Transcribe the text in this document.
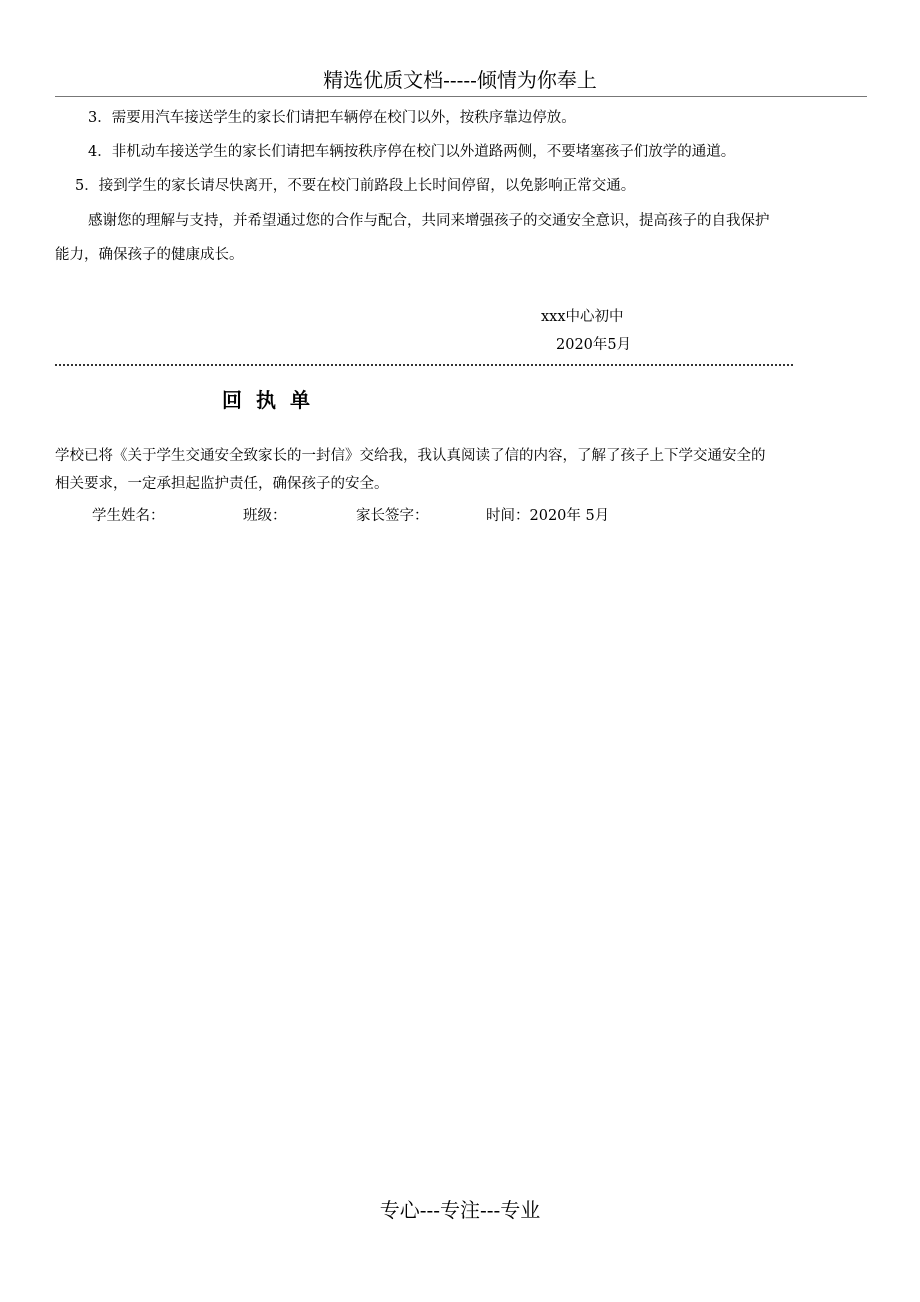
精选优质文档-----倾情为你奉上
3．需要用汽车接送学生的家长们请把车辆停在校门以外，按秩序靠边停放。
4．非机动车接送学生的家长们请把车辆按秩序停在校门以外道路两侧，不要堵塞孩子们放学的通道。
5．接到学生的家长请尽快离开，不要在校门前路段上长时间停留，以免影响正常交通。
感谢您的理解与支持，并希望通过您的合作与配合，共同来增强孩子的交通安全意识，提高孩子的自我保护
能力，确保孩子的健康成长。
xxx中心初中
2020年5月
回执单
学校已将《关于学生交通安全致家长的一封信》交给我，我认真阅读了信的内容，了解了孩子上下学交通安全的
相关要求，一定承担起监护责任，确保孩子的安全。
学生姓名：	班级：	家长签字：	时间：2020年 5月
专心---专注---专业
